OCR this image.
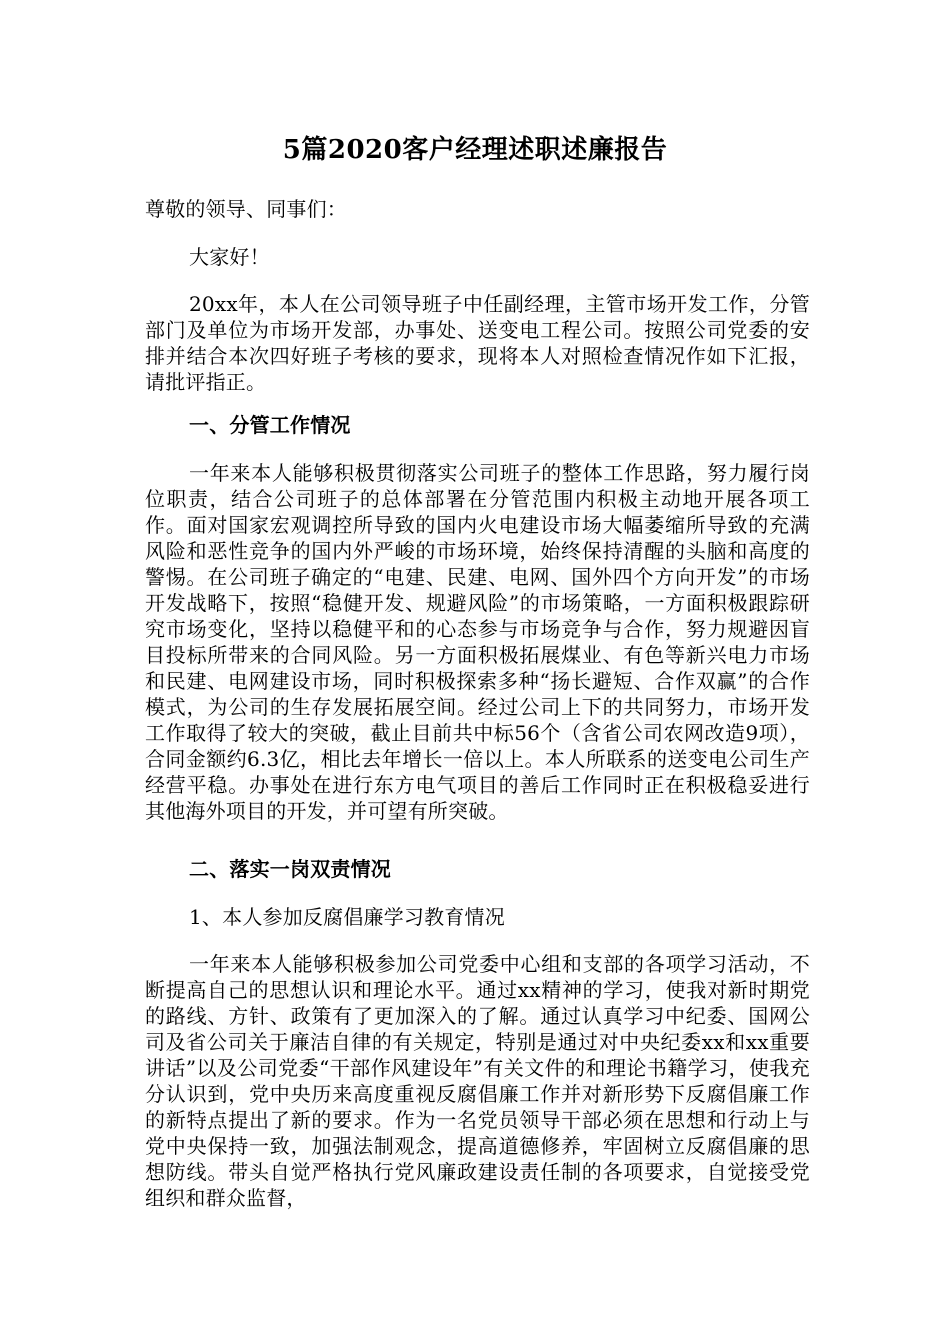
5篇2020客户经理述职述廉报告

尊敬的领导、同事们：

大家好！

20xx年，本人在公司领导班子中任副经理，主管市场开发工作，分管部门及单位为市场开发部，办事处、送变电工程公司。按照公司党委的安排并结合本次四好班子考核的要求，现将本人对照检查情况作如下汇报，请批评指正。

一、分管工作情况

一年来本人能够积极贯彻落实公司班子的整体工作思路，努力履行岗位职责，结合公司班子的总体部署在分管范围内积极主动地开展各项工作。面对国家宏观调控所导致的国内火电建设市场大幅萎缩所导致的充满风险和恶性竞争的国内外严峻的市场环境，始终保持清醒的头脑和高度的警惕。在公司班子确定的“电建、民建、电网、国外四个方向开发”的市场开发战略下，按照“稳健开发、规避风险”的市场策略，一方面积极跟踪研究市场变化，坚持以稳健平和的心态参与市场竞争与合作，努力规避因盲目投标所带来的合同风险。另一方面积极拓展煤业、有色等新兴电力市场和民建、电网建设市场，同时积极探索多种“扬长避短、合作双赢”的合作模式，为公司的生存发展拓展空间。经过公司上下的共同努力，市场开发工作取得了较大的突破，截止目前共中标56个（含省公司农网改造9项），合同金额约6.3亿，相比去年增长一倍以上。本人所联系的送变电公司生产经营平稳。办事处在进行东方电气项目的善后工作同时正在积极稳妥进行其他海外项目的开发，并可望有所突破。

二、落实一岗双责情况

1、本人参加反腐倡廉学习教育情况

一年来本人能够积极参加公司党委中心组和支部的各项学习活动，不断提高自己的思想认识和理论水平。通过xx精神的学习，使我对新时期党的路线、方针、政策有了更加深入的了解。通过认真学习中纪委、国网公司及省公司关于廉洁自律的有关规定，特别是通过对中央纪委xx和xx重要讲话”以及公司党委“干部作风建设年”有关文件的和理论书籍学习，使我充分认识到，党中央历来高度重视反腐倡廉工作并对新形势下反腐倡廉工作的新特点提出了新的要求。作为一名党员领导干部必须在思想和行动上与党中央保持一致，加强法制观念，提高道德修养，牢固树立反腐倡廉的思想防线。带头自觉严格执行党风廉政建设责任制的各项要求，自觉接受党组织和群众监督，
